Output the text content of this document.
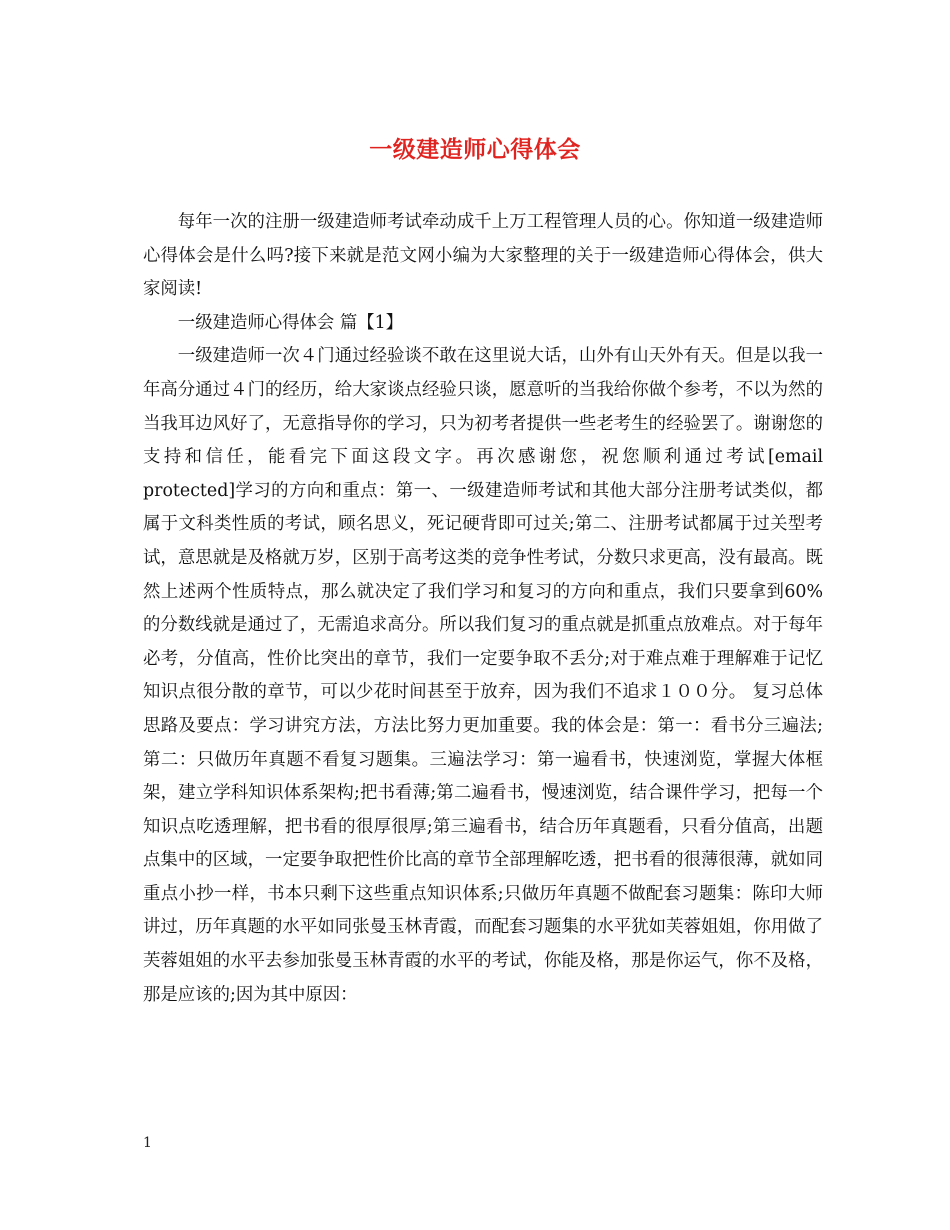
一级建造师心得体会

每年一次的注册一级建造师考试牵动成千上万工程管理人员的心。你知道一级建造师心得体会是什么吗?接下来就是范文网小编为大家整理的关于一级建造师心得体会，供大家阅读!

一级建造师心得体会 篇【1】

一级建造师一次４门通过经验谈不敢在这里说大话，山外有山天外有天。但是以我一年高分通过４门的经历，给大家谈点经验只谈，愿意听的当我给你做个参考，不以为然的当我耳边风好了，无意指导你的学习，只为初考者提供一些老考生的经验罢了。谢谢您的支持和信任，能看完下面这段文字。再次感谢您，祝您顺利通过考试[email　protected]学习的方向和重点：第一、一级建造师考试和其他大部分注册考试类似，都属于文科类性质的考试，顾名思义，死记硬背即可过关;第二、注册考试都属于过关型考试，意思就是及格就万岁，区别于高考这类的竞争性考试，分数只求更高，没有最高。既然上述两个性质特点，那么就决定了我们学习和复习的方向和重点，我们只要拿到60%的分数线就是通过了，无需追求高分。所以我们复习的重点就是抓重点放难点。对于每年必考，分值高，性价比突出的章节，我们一定要争取不丢分;对于难点难于理解难于记忆知识点很分散的章节，可以少花时间甚至于放弃，因为我们不追求１００分。 复习总体思路及要点：学习讲究方法，方法比努力更加重要。我的体会是：第一：看书分三遍法;第二：只做历年真题不看复习题集。三遍法学习：第一遍看书，快速浏览，掌握大体框架，建立学科知识体系架构;把书看薄;第二遍看书，慢速浏览，结合课件学习，把每一个知识点吃透理解，把书看的很厚很厚;第三遍看书，结合历年真题看，只看分值高，出题点集中的区域，一定要争取把性价比高的章节全部理解吃透，把书看的很薄很薄，就如同重点小抄一样，书本只剩下这些重点知识体系;只做历年真题不做配套习题集：陈印大师讲过，历年真题的水平如同张曼玉林青霞，而配套习题集的水平犹如芙蓉姐姐，你用做了芙蓉姐姐的水平去参加张曼玉林青霞的水平的考试，你能及格，那是你运气，你不及格，那是应该的;因为其中原因：

1
